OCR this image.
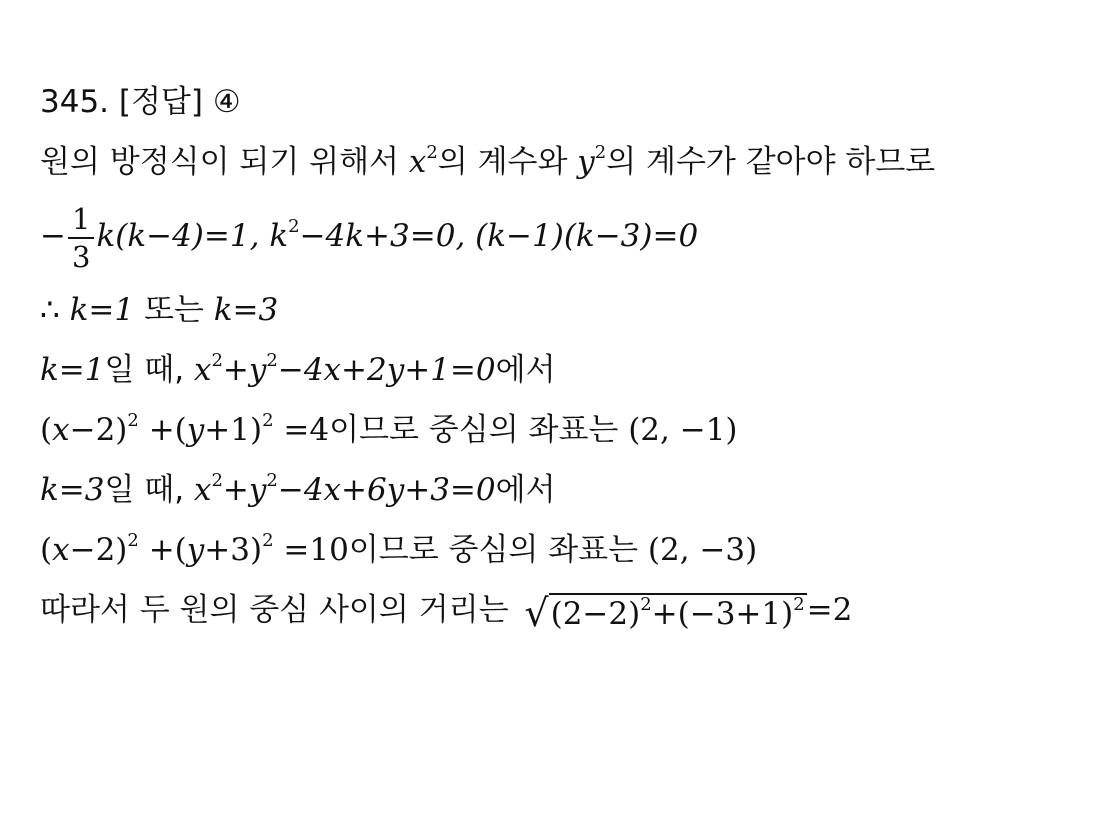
345. [정답] ④
원의 방정식이 되기 위해서 $x^2$의 계수와 $y^2$의 계수가 같아야 하므로
− $\frac{1}{3} k(k-4)=1$, $k^2-4k+3=0$, (k−1)(k−3)=0
∴ k=1 또는 k=3
k=1일 때, $x^2+y^2-4x+2y+1=0$에서
$(x-2)^2 +(y+1)^2 =4$이므로 중심의 좌표는 (2, −1)
k=3일 때, $x^2+y^2-4x+6y+3=0$에서
$(x-2)^2 +(y+3)^2 =10$이므로 중심의 좌표는 (2, −3)
따라서 두 원의 중심 사이의 거리는 $√(2-2)^2+(-3+1)^2=2$
